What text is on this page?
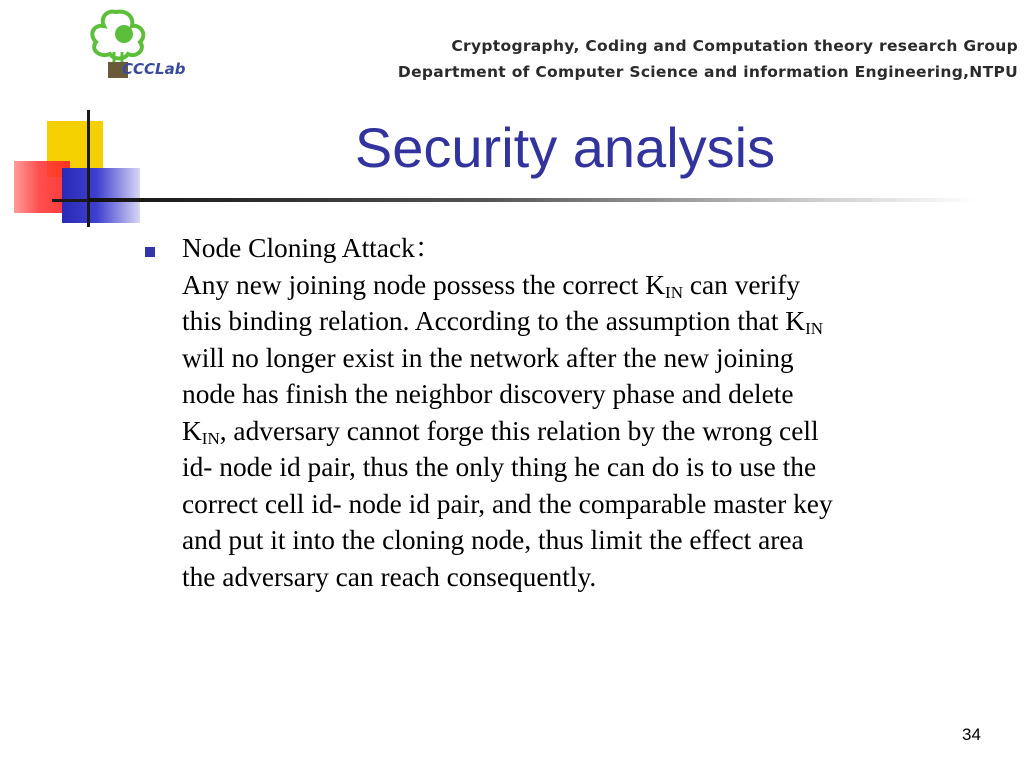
CCCLab
Cryptography, Coding and Computation theory research Group
Department of Computer Science and information Engineering,NTPU
Security analysis
Node Cloning Attack：
Any new joining node possess the correct $K_{IN}$ can verify
this binding relation. According to the assumption that $K_{IN}$
will no longer exist in the network after the new joining
node has finish the neighbor discovery phase and delete
$K_{IN}$, adversary cannot forge this relation by the wrong cell
id- node id pair, thus the only thing he can do is to use the
correct cell id- node id pair, and the comparable master key
and put it into the cloning node, thus limit the effect area
the adversary can reach consequently.
34
